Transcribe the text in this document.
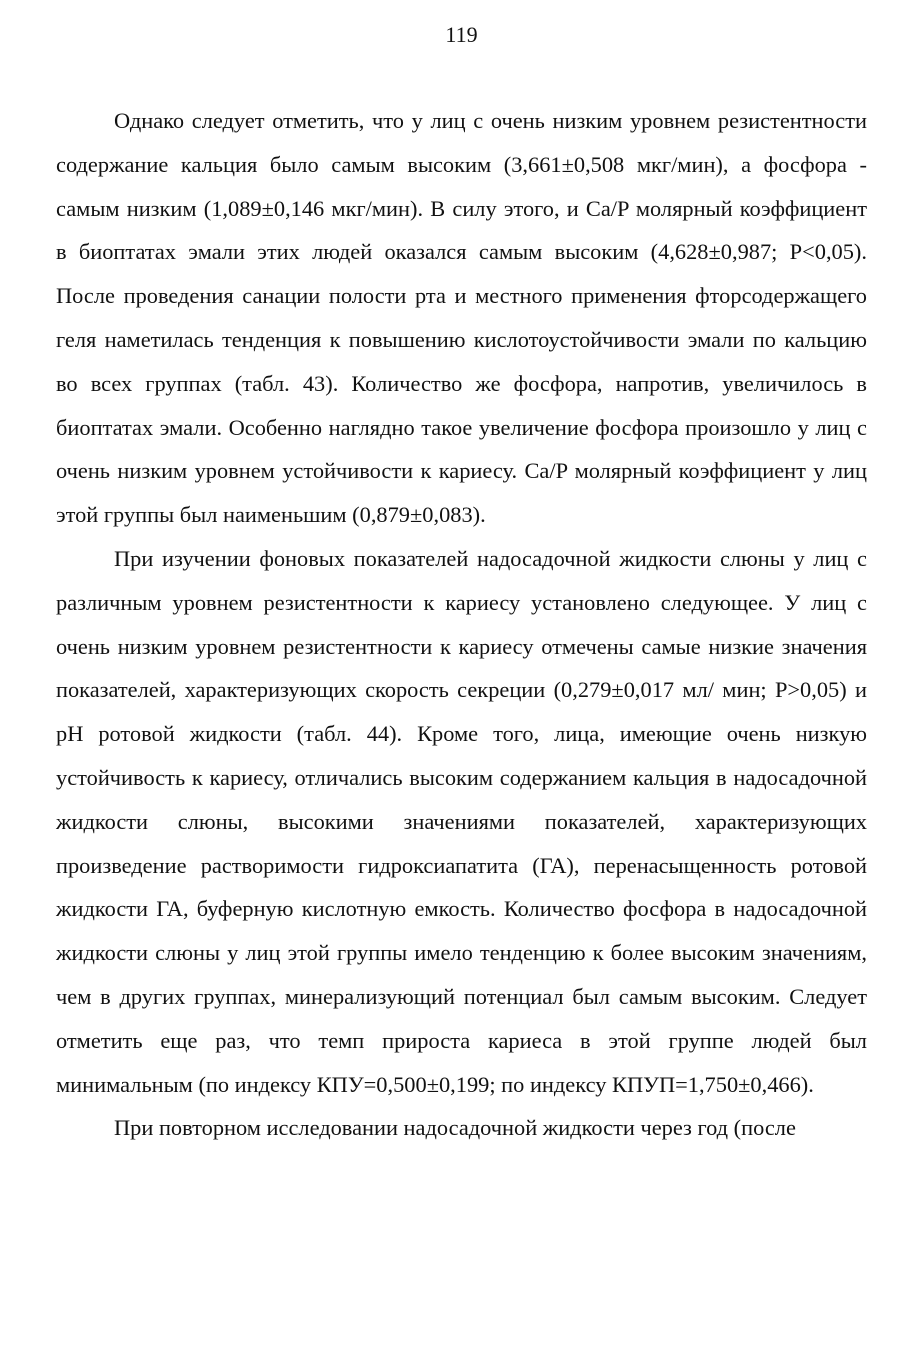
119

Однако следует отметить, что у лиц с очень низким уровнем резистентности содержание кальция было самым высоким (3,661±0,508 мкг/мин), а фосфора - самым низким (1,089±0,146 мкг/мин). В силу этого, и Ca/P молярный коэффициент в биоптатах эмали этих людей оказался самым высоким (4,628±0,987; P<0,05). После проведения санации полости рта и местного применения фторсодержащего геля наметилась тенденция к повышению кислотоустойчивости эмали по кальцию во всех группах (табл. 43). Количество же фосфора, напротив, увеличилось в биоптатах эмали. Особенно наглядно такое увеличение фосфора произошло у лиц с очень низким уровнем устойчивости к кариесу. Ca/P молярный коэффициент у лиц этой группы был наименьшим (0,879±0,083).

При изучении фоновых показателей надосадочной жидкости слюны у лиц с различным уровнем резистентности к кариесу установлено следующее. У лиц с очень низким уровнем резистентности к кариесу отмечены самые низкие значения показателей, характеризующих скорость секреции (0,279±0,017 мл/ мин; P>0,05) и pH ротовой жидкости (табл. 44). Кроме того, лица, имеющие очень низкую устойчивость к кариесу, отличались высоким содержанием кальция в надосадочной жидкости слюны, высокими значениями показателей, характеризующих произведение растворимости гидроксиапатита (ГА), перенасыщенность ротовой жидкости ГА, буферную кислотную емкость. Количество фосфора в надосадочной жидкости слюны у лиц этой группы имело тенденцию к более высоким значениям, чем в других группах, минерализующий потенциал был самым высоким. Следует отметить еще раз, что темп прироста кариеса в этой группе людей был минимальным (по индексу КПУ=0,500±0,199; по индексу КПУП=1,750±0,466).

При повторном исследовании надосадочной жидкости через год (после
